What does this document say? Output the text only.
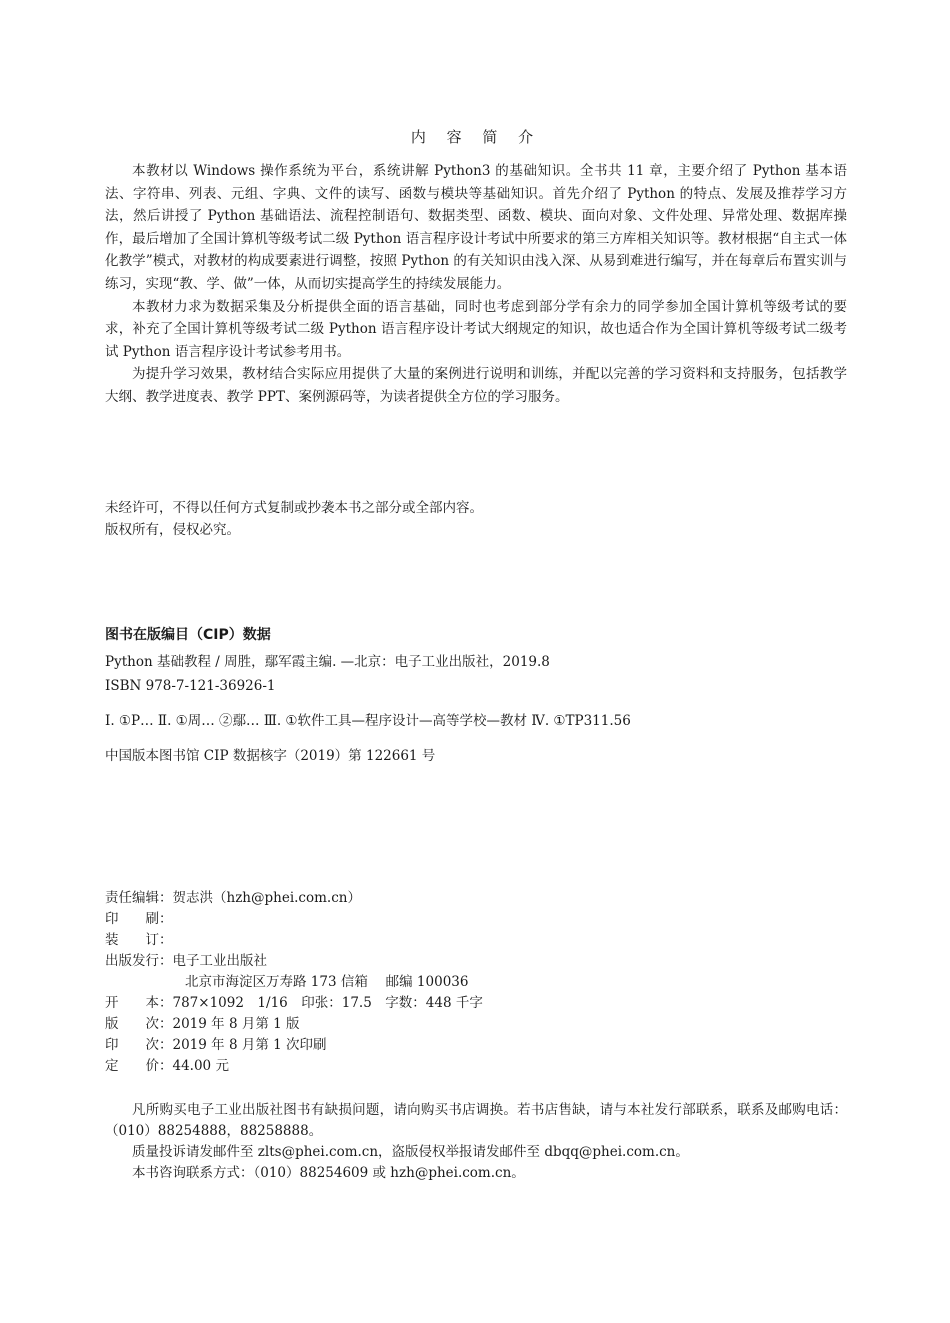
内 容 简 介

本教材以 Windows 操作系统为平台，系统讲解 Python3 的基础知识。全书共 11 章，主要介绍了 Python 基本语法、字符串、列表、元组、字典、文件的读写、函数与模块等基础知识。首先介绍了 Python 的特点、发展及推荐学习方法，然后讲授了 Python 基础语法、流程控制语句、数据类型、函数、模块、面向对象、文件处理、异常处理、数据库操作，最后增加了全国计算机等级考试二级 Python 语言程序设计考试中所要求的第三方库相关知识等。教材根据“自主式一体化教学”模式，对教材的构成要素进行调整，按照 Python 的有关知识由浅入深、从易到难进行编写，并在每章后布置实训与练习，实现“教、学、做”一体，从而切实提高学生的持续发展能力。

本教材力求为数据采集及分析提供全面的语言基础，同时也考虑到部分学有余力的同学参加全国计算机等级考试的要求，补充了全国计算机等级考试二级 Python 语言程序设计考试大纲规定的知识，故也适合作为全国计算机等级考试二级考试 Python 语言程序设计考试参考用书。

为提升学习效果，教材结合实际应用提供了大量的案例进行说明和训练，并配以完善的学习资料和支持服务，包括教学大纲、教学进度表、教学 PPT、案例源码等，为读者提供全方位的学习服务。

未经许可，不得以任何方式复制或抄袭本书之部分或全部内容。
版权所有，侵权必究。
图书在版编目（CIP）数据
Python 基础教程 / 周胜，鄢军霞主编. —北京：电子工业出版社，2019.8
ISBN 978-7-121-36926-1
Ⅰ. ①P… Ⅱ. ①周… ②鄢… Ⅲ. ①软件工具—程序设计—高等学校—教材 Ⅳ. ①TP311.56
中国版本图书馆 CIP 数据核字（2019）第 122661 号
责任编辑： 贺志洪（hzh@phei.com.cn）
印　　刷：
装　　订：
出版发行： 电子工业出版社
北京市海淀区万寿路 173 信箱　 邮编 100036
开　　本： 787×1092　1/16　印张：17.5　字数：448 千字
版　　次： 2019 年 8 月第 1 版
印　　次： 2019 年 8 月第 1 次印刷
定　　价： 44.00 元

凡所购买电子工业出版社图书有缺损问题，请向购买书店调换。若书店售缺，请与本社发行部联系，联系及邮购电话：（010）88254888，88258888。

质量投诉请发邮件至 zlts@phei.com.cn，盗版侵权举报请发邮件至 dbqq@phei.com.cn。

本书咨询联系方式：（010）88254609 或 hzh@phei.com.cn。
